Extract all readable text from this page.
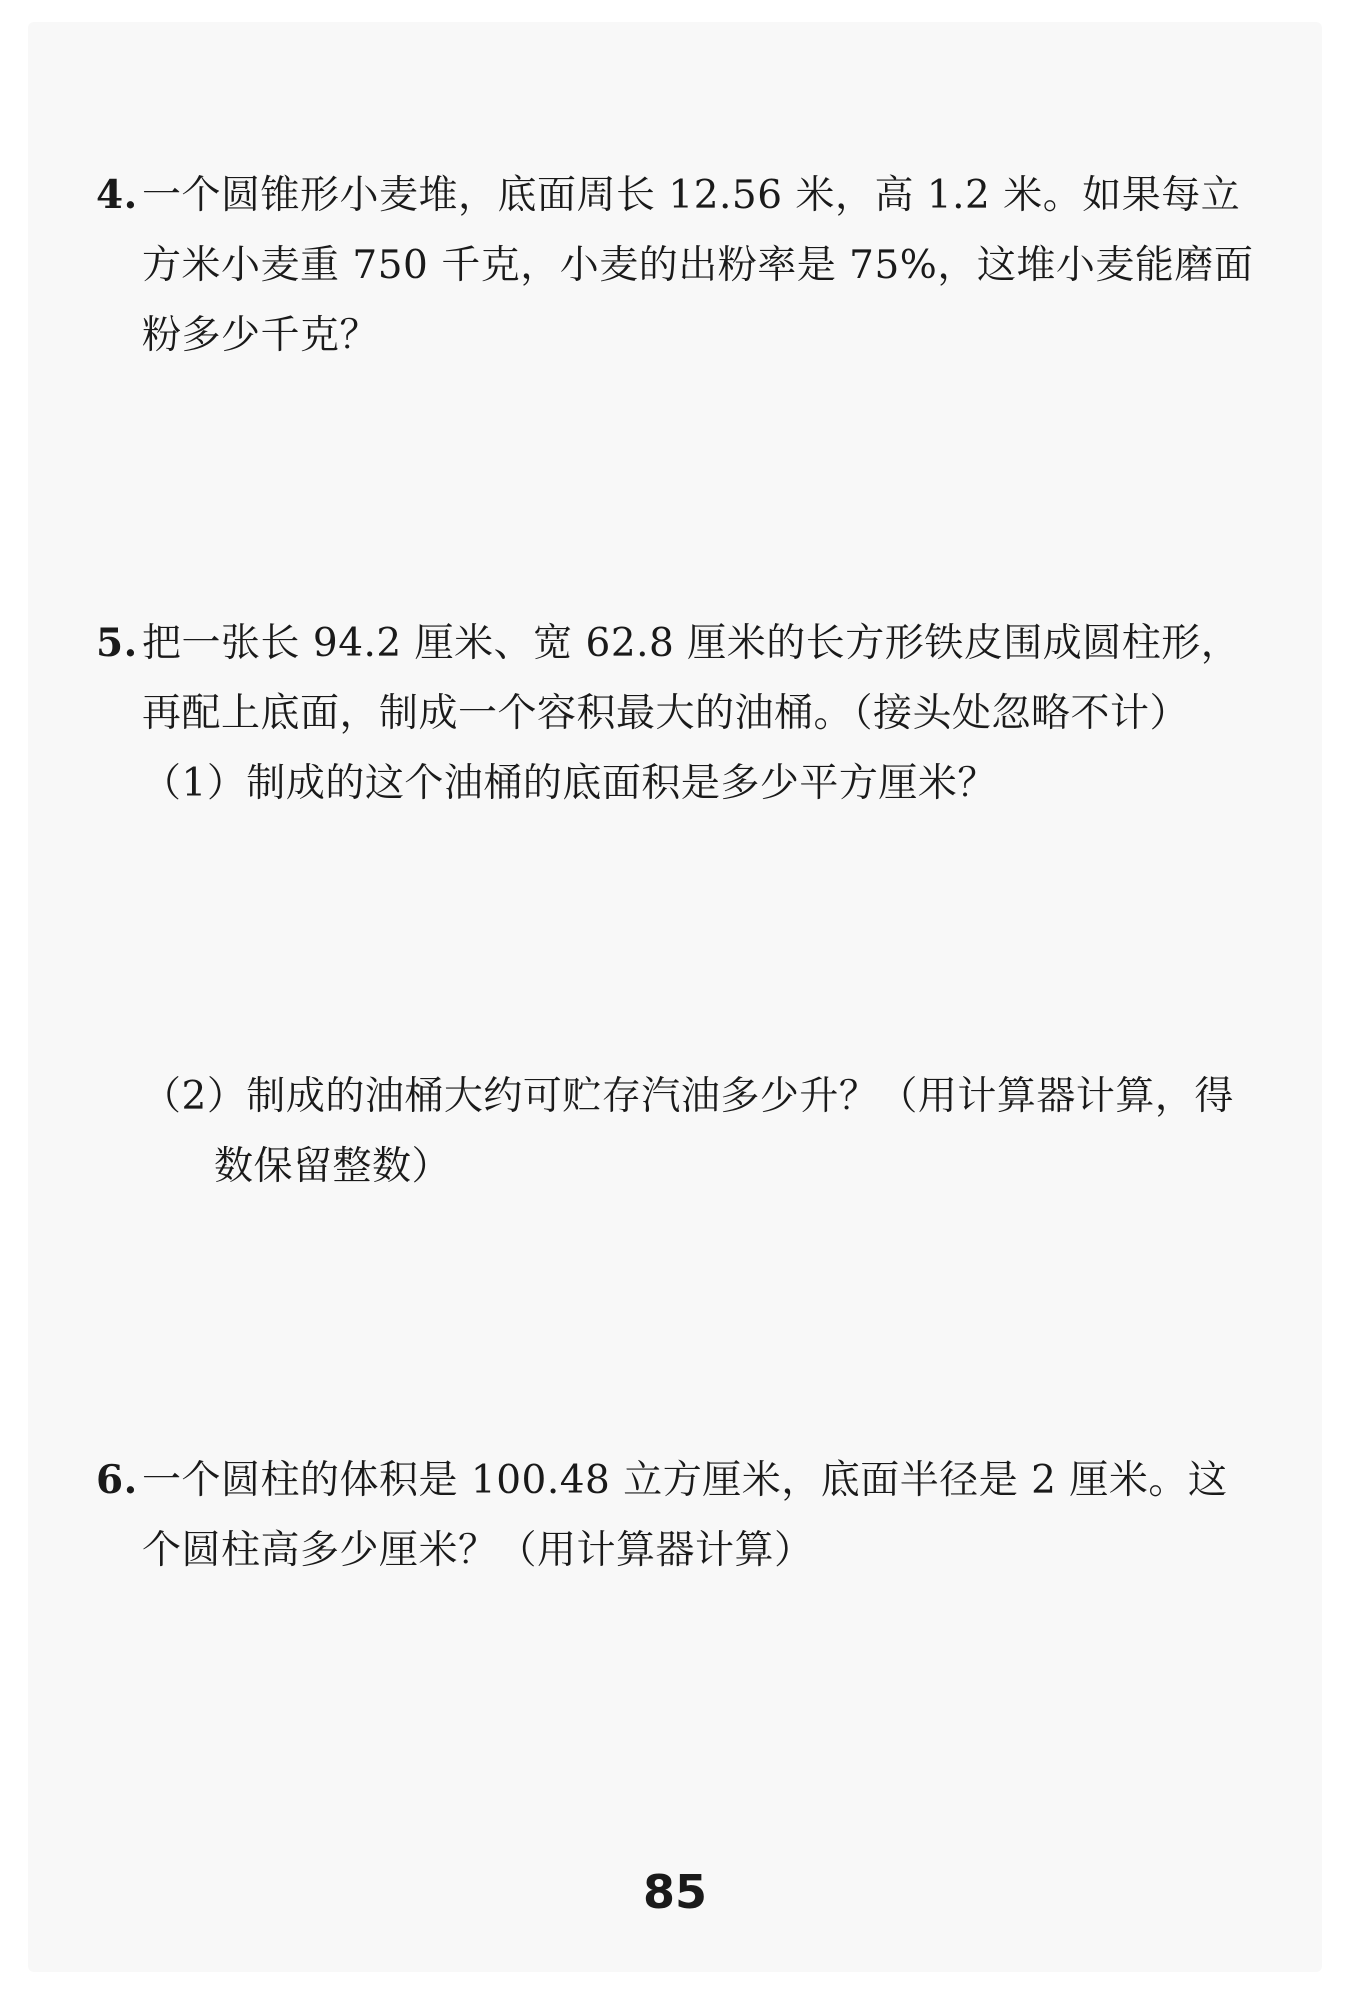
4. 一个圆锥形小麦堆，底面周长 12.56 米，高 1.2 米。如果每立
方米小麦重 750 千克，小麦的出粉率是 75%，这堆小麦能磨面
粉多少千克？
5. 把一张长 94.2 厘米、宽 62.8 厘米的长方形铁皮围成圆柱形，
再配上底面，制成一个容积最大的油桶。（接头处忽略不计）
（1）制成的这个油桶的底面积是多少平方厘米？
（2）制成的油桶大约可贮存汽油多少升？（用计算器计算，得
数保留整数）
6. 一个圆柱的体积是 100.48 立方厘米，底面半径是 2 厘米。这
个圆柱高多少厘米？（用计算器计算）
85
